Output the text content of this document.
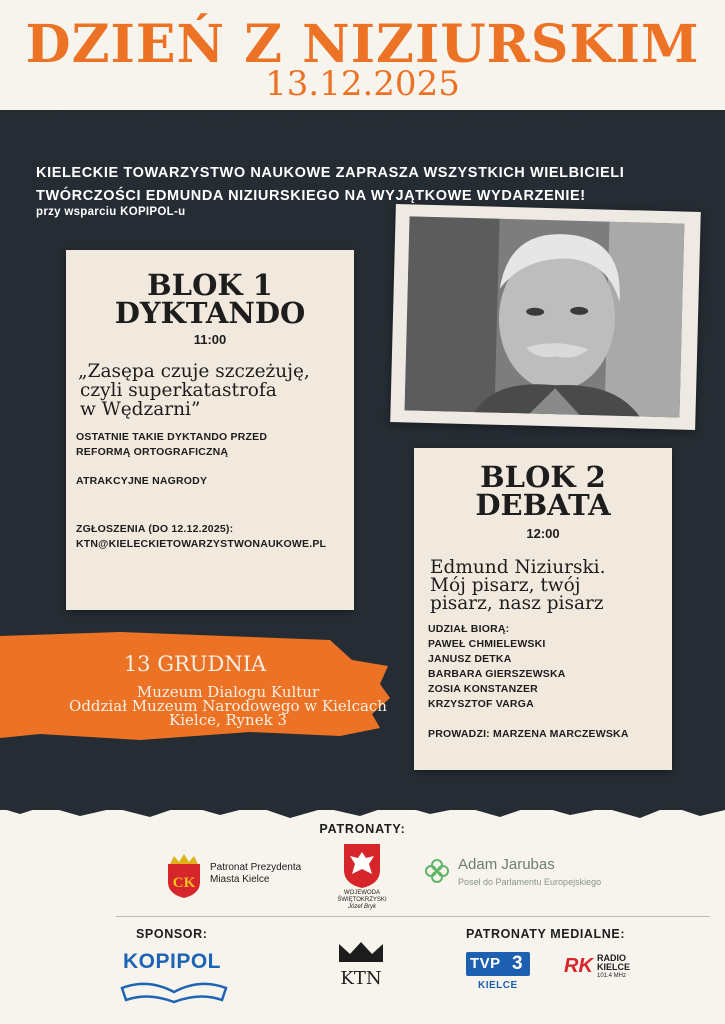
DZIEŃ Z NIZIURSKIM
13.12.2025
KIELECKIE TOWARZYSTWO NAUKOWE ZAPRASZA WSZYSTKICH WIELBICIELI
TWÓRCZOŚCI EDMUNDA NIZIURSKIEGO NA WYJĄTKOWE WYDARZENIE!
przy wsparciu KOPIPOL-u
BLOK 1
DYKTANDO
11:00
„Zasępa czuje szczeżuję,
czyli superkatastrofa
w Wędzarni”
OSTATNIE TAKIE DYKTANDO PRZED
REFORMĄ ORTOGRAFICZNĄ
ATRAKCYJNE NAGRODY
ZGŁOSZENIA (DO 12.12.2025):
KTN@KIELECKIETOWARZYSTWONAUKOWE.PL
BLOK 2
DEBATA
12:00
Edmund Niziurski.
Mój pisarz, twój
pisarz, nasz pisarz
UDZIAŁ BIORĄ:
PAWEŁ CHMIELEWSKI
JANUSZ DETKA
BARBARA GIERSZEWSKA
ZOSIA KONSTANZER
KRZYSZTOF VARGA
PROWADZI: MARZENA MARCZEWSKA
13 GRUDNIA
Muzeum Dialogu Kultur
Oddział Muzeum Narodowego w Kielcach
Kielce, Rynek 3
PATRONATY:
CK
Patronat Prezydenta
Miasta Kielce
WOJEWODA
ŚWIĘTOKRZYSKI
Józef Bryk
Adam Jarubas
Poseł do Parlamentu Europejskiego
SPONSOR:
KOPIPOL
KTN
PATRONATY MEDIALNE:
TVP 3
KIELCE
RK RADIO
KIELCE
101.4 MHz
